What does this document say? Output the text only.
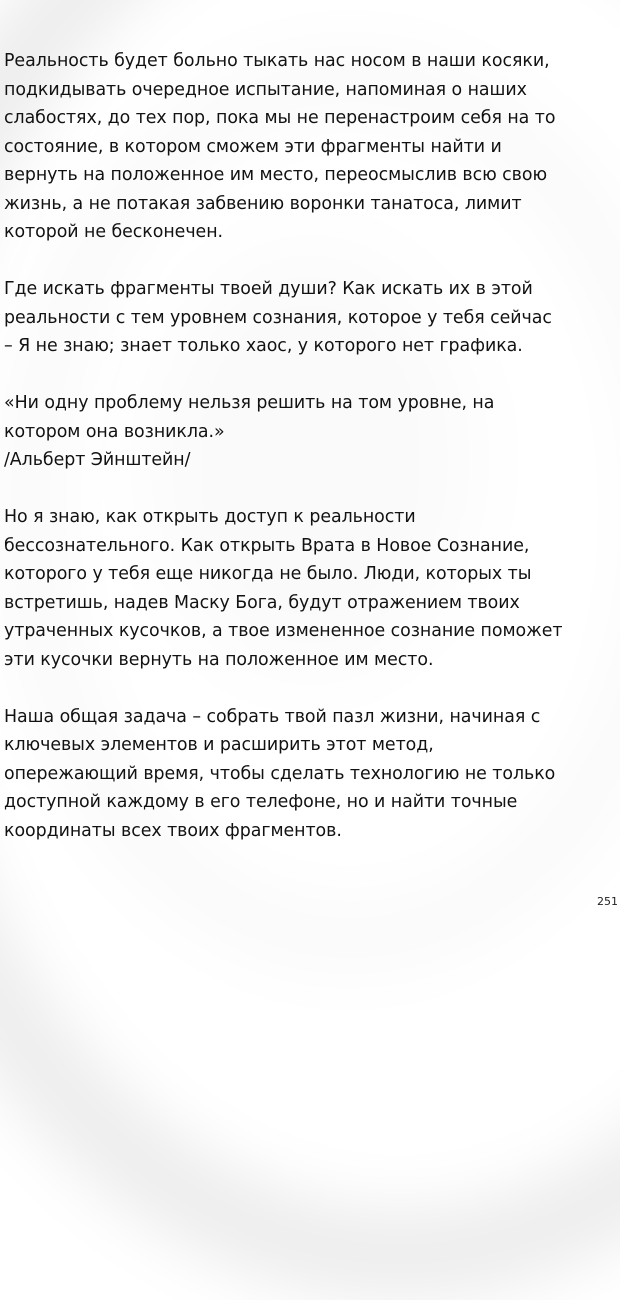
Реальность будет больно тыкать нас носом в наши косяки,
подкидывать очередное испытание, напоминая о наших
слабостях, до тех пор, пока мы не перенастроим себя на то
состояние, в котором сможем эти фрагменты найти и
вернуть на положенное им место, переосмыслив всю свою
жизнь, а не потакая забвению воронки танатоса, лимит
которой не бесконечен.
Где искать фрагменты твоей души? Как искать их в этой
реальности с тем уровнем сознания, которое у тебя сейчас
– Я не знаю; знает только хаос, у которого нет графика.
«Ни одну проблему нельзя решить на том уровне, на
котором она возникла.»
/Альберт Эйнштейн/
Но я знаю, как открыть доступ к реальности
бессознательного. Как открыть Врата в Новое Сознание,
которого у тебя еще никогда не было. Люди, которых ты
встретишь, надев Маску Бога, будут отражением твоих
утраченных кусочков, а твое измененное сознание поможет
эти кусочки вернуть на положенное им место.
Наша общая задача – собрать твой пазл жизни, начиная с
ключевых элементов и расширить этот метод,
опережающий время, чтобы сделать технологию не только
доступной каждому в его телефоне, но и найти точные
координаты всех твоих фрагментов.
251
